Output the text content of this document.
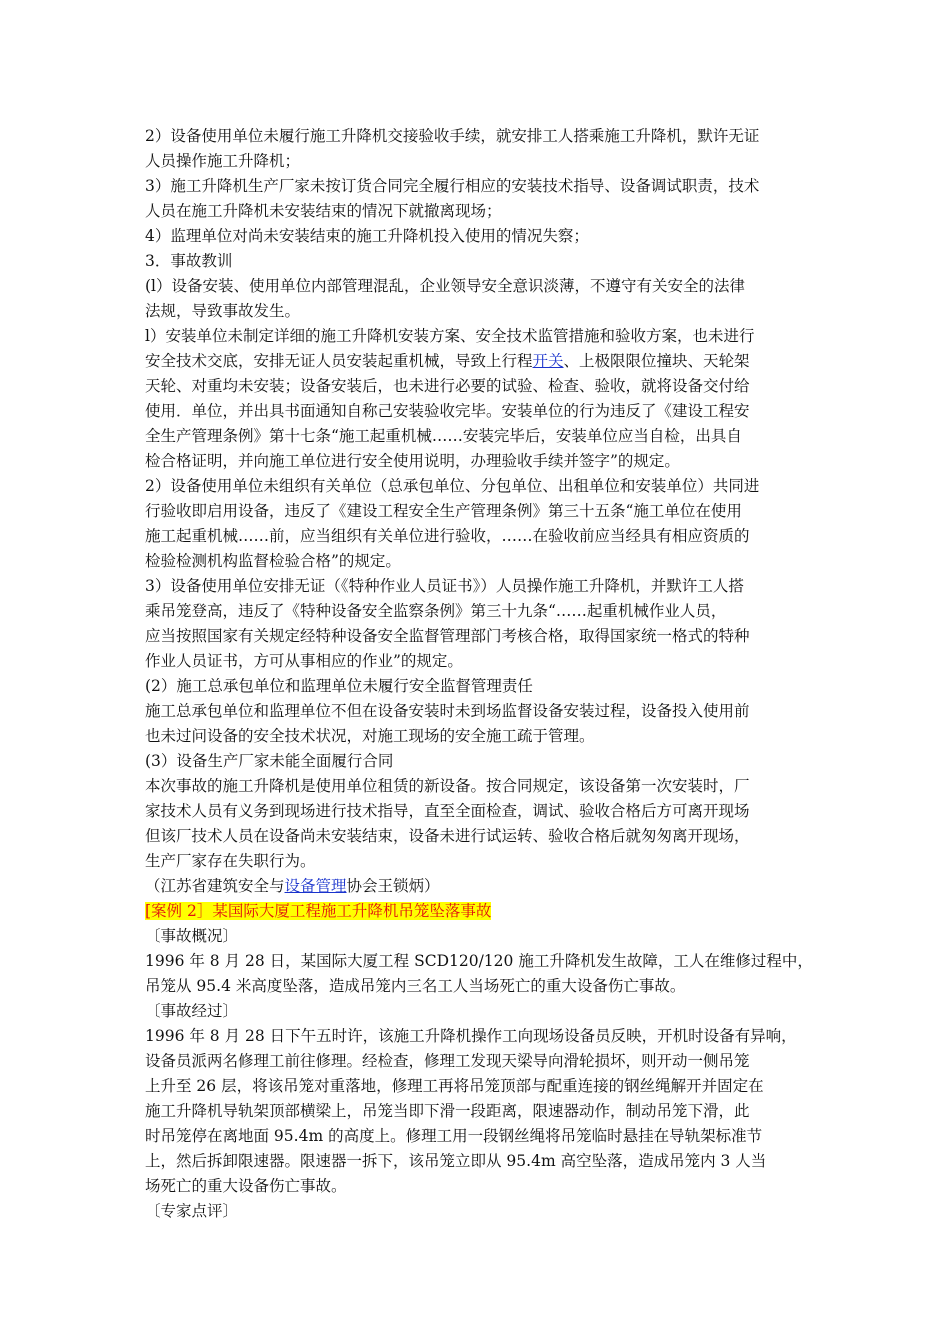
2）设备使用单位未履行施工升降机交接验收手续，就安排工人搭乘施工升降机，默许无证
人员操作施工升降机；
3）施工升降机生产厂家未按订货合同完全履行相应的安装技术指导、设备调试职责，技术
人员在施工升降机未安装结束的情况下就撤离现场；
4）监理单位对尚未安装结束的施工升降机投入使用的情况失察；
3．事故教训
(l）设备安装、使用单位内部管理混乱，企业领导安全意识淡薄，不遵守有关安全的法律
法规，导致事故发生。
l）安装单位未制定详细的施工升降机安装方案、安全技术监管措施和验收方案，也未进行
安全技术交底，安排无证人员安装起重机械，导致上行程开关、上极限限位撞块、天轮架
天轮、对重均未安装；设备安装后，也未进行必要的试验、检查、验收，就将设备交付给
使用．单位，并出具书面通知自称己安装验收完毕。安装单位的行为违反了《建设工程安
全生产管理条例》第十七条“施工起重机械……安装完毕后，安装单位应当自检，出具自
检合格证明，并向施工单位进行安全使用说明，办理验收手续并签字”的规定。
2）设备使用单位未组织有关单位（总承包单位、分包单位、出租单位和安装单位）共同进
行验收即启用设备，违反了《建设工程安全生产管理条例》第三十五条“施工单位在使用
施工起重机械……前，应当组织有关单位进行验收，……在验收前应当经具有相应资质的
检验检测机构监督检验合格”的规定。
3）设备使用单位安排无证（《特种作业人员证书》）人员操作施工升降机，并默许工人搭
乘吊笼登高，违反了《特种设备安全监察条例》第三十九条“……起重机械作业人员，
应当按照国家有关规定经特种设备安全监督管理部门考核合格，取得国家统一格式的特种
作业人员证书，方可从事相应的作业”的规定。
(2）施工总承包单位和监理单位未履行安全监督管理责任
施工总承包单位和监理单位不但在设备安装时未到场监督设备安装过程，设备投入使用前
也未过问设备的安全技术状况，对施工现场的安全施工疏于管理。
(3）设备生产厂家未能全面履行合同
本次事故的施工升降机是使用单位租赁的新设备。按合同规定，该设备第一次安装时，厂
家技术人员有义务到现场进行技术指导，直至全面检查，调试、验收合格后方可离开现场
但该厂技术人员在设备尚未安装结束，设备未进行试运转、验收合格后就匆匆离开现场，
生产厂家存在失职行为。
（江苏省建筑安全与设备管理协会王锁炳）
[案例 2］某国际大厦工程施工升降机吊笼坠落事故
〔事故概况〕
1996 年 8 月 28 日，某国际大厦工程 SCD120/120 施工升降机发生故障，工人在维修过程中，
吊笼从 95.4 米高度坠落，造成吊笼内三名工人当场死亡的重大设备伤亡事故。
〔事故经过〕
1996 年 8 月 28 日下午五时许，该施工升降机操作工向现场设备员反映，开机时设备有异响，
设备员派两名修理工前往修理。经检查，修理工发现天梁导向滑轮损坏，则开动一侧吊笼
上升至 26 层，将该吊笼对重落地，修理工再将吊笼顶部与配重连接的钢丝绳解开并固定在
施工升降机导轨架顶部横梁上，吊笼当即下滑一段距离，限速器动作，制动吊笼下滑，此
时吊笼停在离地面 95.4m 的高度上。修理工用一段钢丝绳将吊笼临时悬挂在导轨架标准节
上，然后拆卸限速器。限速器一拆下，该吊笼立即从 95.4m 高空坠落，造成吊笼内 3 人当
场死亡的重大设备伤亡事故。
〔专家点评〕
